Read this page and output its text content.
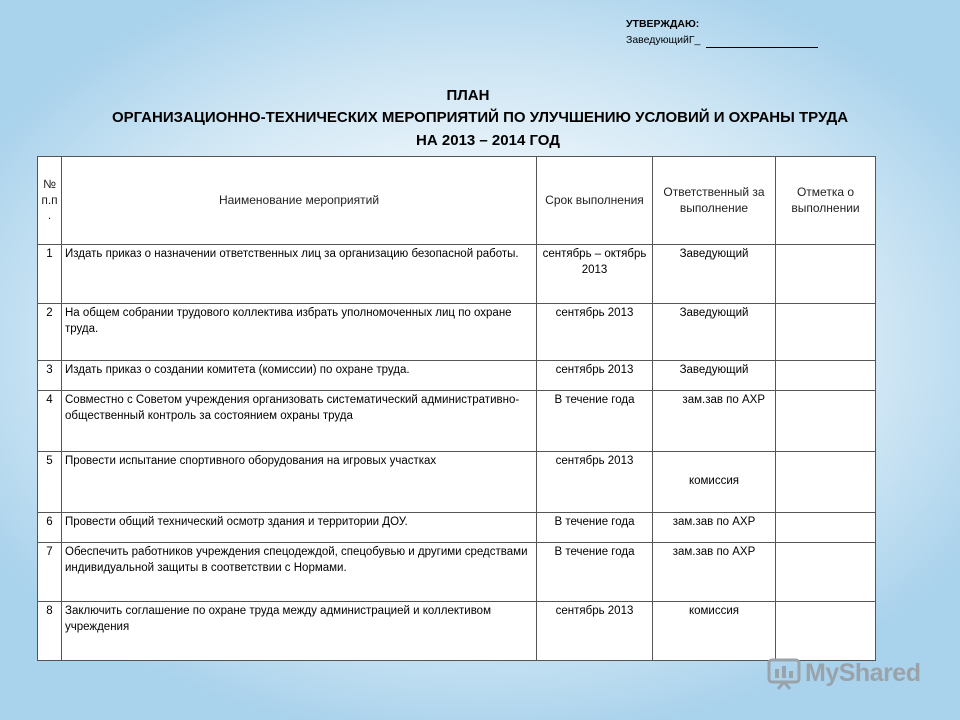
УТВЕРЖДАЮ:
ЗаведующийГ_
ПЛАН
ОРГАНИЗАЦИОННО-ТЕХНИЧЕСКИХ МЕРОПРИЯТИЙ ПО УЛУЧШЕНИЮ УСЛОВИЙ И ОХРАНЫ ТРУДА
НА 2013 – 2014 ГОД
№ п.п .	Наименование мероприятий	Срок выполнения	Ответственный за выполнение	Отметка о выполнении
1	Издать приказ о назначении ответственных лиц за организацию безопасной работы.	сентябрь – октябрь 2013	Заведующий	
2	На общем собрании трудового коллектива избрать уполномоченных лиц по охране труда.	сентябрь 2013	Заведующий	
3	Издать приказ о создании комитета (комиссии) по охране труда.	сентябрь 2013	Заведующий	
4	Совместно с Советом учреждения организовать систематический административно-общественный контроль за состоянием охраны труда	В течение года	зам.зав по АХР	
5	Провести испытание спортивного оборудования на игровых участках	сентябрь 2013	комиссия	
6	Провести общий технический осмотр здания и территории ДОУ.	В течение года	зам.зав по АХР	
7	Обеспечить работников учреждения спецодеждой, спецобувью и другими средствами индивидуальной защиты в соответствии с Нормами.	В течение года	зам.зав по АХР	
8	Заключить соглашение по охране труда между администрацией и коллективом учреждения	сентябрь 2013	комиссия	
MyShared
